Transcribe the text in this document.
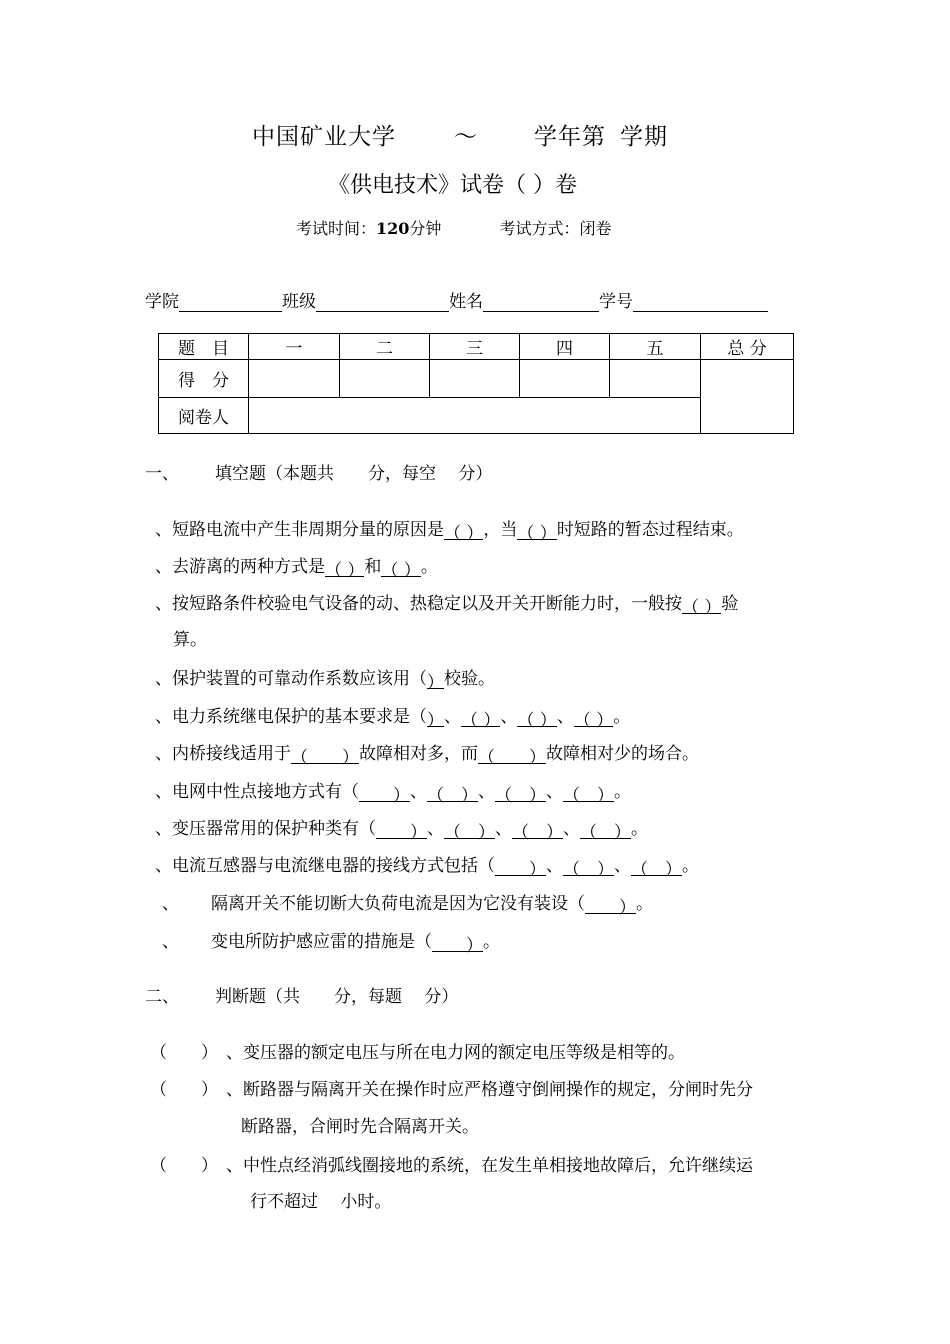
中国矿业大学	～ 学年第 学期
《供电技术》试卷（ ）卷
考试时间：120分钟	考试方式：闭卷
学院	班级	姓名	学号
题　目	一	二	三	四	五	总 分
得　分						
阅卷人						
一、 填空题（本题共　　分，每空　 分）
、短路电流中产生非周期分量的原因是（ ），当（ ）时短路的暂态过程结束。
、去游离的两种方式是（ ）和（ ）。
、按短路条件校验电气设备的动、热稳定以及开关开断能力时，一般按（ ）验
算。
、保护装置的可靠动作系数应该用（）校验。
、电力系统继电保护的基本要求是（）、（ ）、（ ）、（ ）。
、内桥接线适用于（　　）故障相对多，而（　　）故障相对少的场合。
、电网中性点接地方式有（　　）、（　）、（　）、（　）。
、变压器常用的保护种类有（　　）、（　）、（　）、（　）。
、电流互感器与电流继电器的接线方式包括（　　）、（　）、（　）。
、 隔离开关不能切断大负荷电流是因为它没有装设（　　）。
、 变电所防护感应雷的措施是（　　）。
二、 判断题（共　　分，每题　 分）
（　　） 、变压器的额定电压与所在电力网的额定电压等级是相等的。
（　　） 、断路器与隔离开关在操作时应严格遵守倒闸操作的规定，分闸时先分
断路器，合闸时先合隔离开关。
（　　） 、中性点经消弧线圈接地的系统，在发生单相接地故障后，允许继续运
行不超过　 小时。
